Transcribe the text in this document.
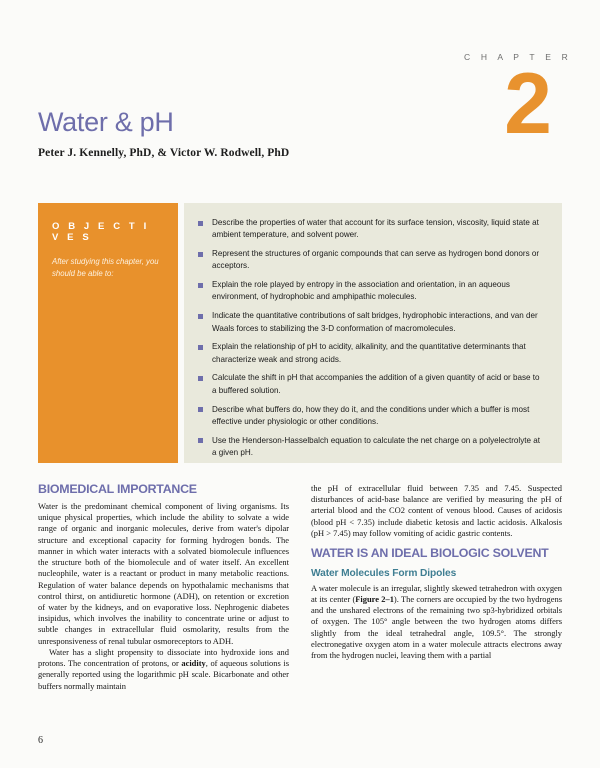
C H A P T E R
2
Water & pH
Peter J. Kennelly, PhD, & Victor W. Rodwell, PhD
O B J E C T I V E S
After studying this chapter, you should be able to:
Describe the properties of water that account for its surface tension, viscosity, liquid state at ambient temperature, and solvent power.
Represent the structures of organic compounds that can serve as hydrogen bond donors or acceptors.
Explain the role played by entropy in the association and orientation, in an aqueous environment, of hydrophobic and amphipathic molecules.
Indicate the quantitative contributions of salt bridges, hydrophobic interactions, and van der Waals forces to stabilizing the 3-D conformation of macromolecules.
Explain the relationship of pH to acidity, alkalinity, and the quantitative determinants that characterize weak and strong acids.
Calculate the shift in pH that accompanies the addition of a given quantity of acid or base to a buffered solution.
Describe what buffers do, how they do it, and the conditions under which a buffer is most effective under physiologic or other conditions.
Use the Henderson-Hasselbalch equation to calculate the net charge on a polyelectrolyte at a given pH.
BIOMEDICAL IMPORTANCE

Water is the predominant chemical component of living organisms. Its unique physical properties, which include the ability to solvate a wide range of organic and inorganic molecules, derive from water's dipolar structure and exceptional capacity for forming hydrogen bonds. The manner in which water interacts with a solvated biomolecule influences the structure both of the biomolecule and of water itself. An excellent nucleophile, water is a reactant or product in many metabolic reactions. Regulation of water balance depends on hypothalamic mechanisms that control thirst, on antidiuretic hormone (ADH), on retention or excretion of water by the kidneys, and on evaporative loss. Nephrogenic diabetes insipidus, which involves the inability to concentrate urine or adjust to subtle changes in extracellular fluid osmolarity, results from the unresponsiveness of renal tubular osmoreceptors to ADH.

Water has a slight propensity to dissociate into hydroxide ions and protons. The concentration of protons, or acidity, of aqueous solutions is generally reported using the logarithmic pH scale. Bicarbonate and other buffers normally maintain

the pH of extracellular fluid between 7.35 and 7.45. Suspected disturbances of acid-base balance are verified by measuring the pH of arterial blood and the CO2 content of venous blood. Causes of acidosis (blood pH < 7.35) include diabetic ketosis and lactic acidosis. Alkalosis (pH > 7.45) may follow vomiting of acidic gastric contents.

WATER IS AN IDEAL BIOLOGIC SOLVENT
Water Molecules Form Dipoles

A water molecule is an irregular, slightly skewed tetrahedron with oxygen at its center (Figure 2–1). The corners are occupied by the two hydrogens and the unshared electrons of the remaining two sp3-hybridized orbitals of oxygen. The 105° angle between the two hydrogen atoms differs slightly from the ideal tetrahedral angle, 109.5°. The strongly electronegative oxygen atom in a water molecule attracts electrons away from the hydrogen nuclei, leaving them with a partial

6
